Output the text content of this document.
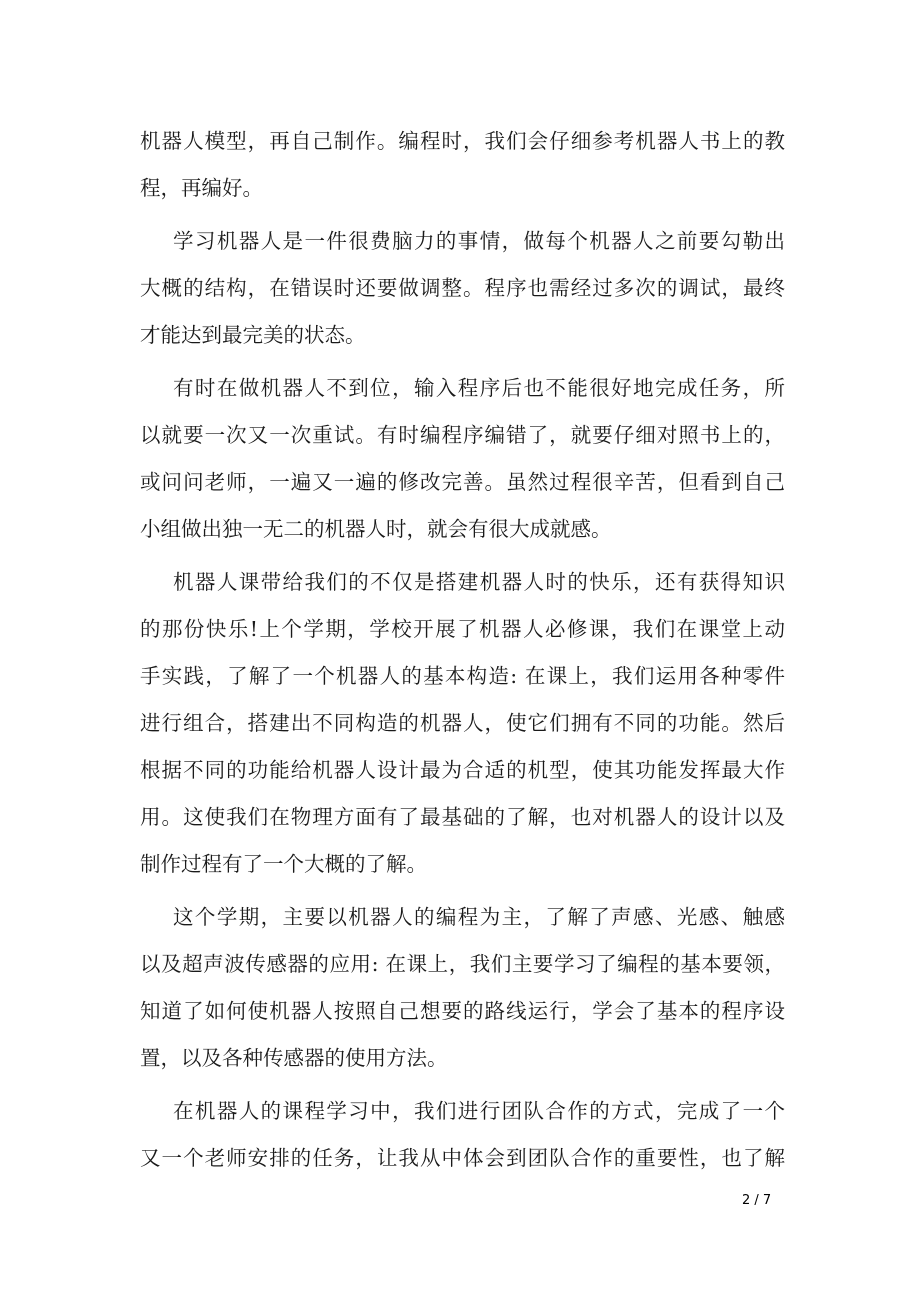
机器人模型，再自己制作。编程时，我们会仔细参考机器人书上的教
程，再编好。
学习机器人是一件很费脑力的事情，做每个机器人之前要勾勒出
大概的结构，在错误时还要做调整。程序也需经过多次的调试，最终
才能达到最完美的状态。
有时在做机器人不到位，输入程序后也不能很好地完成任务，所
以就要一次又一次重试。有时编程序编错了，就要仔细对照书上的，
或问问老师，一遍又一遍的修改完善。虽然过程很辛苦，但看到自己
小组做出独一无二的机器人时，就会有很大成就感。
机器人课带给我们的不仅是搭建机器人时的快乐，还有获得知识
的那份快乐!上个学期，学校开展了机器人必修课，我们在课堂上动
手实践，了解了一个机器人的基本构造: 在课上，我们运用各种零件
进行组合，搭建出不同构造的机器人，使它们拥有不同的功能。然后
根据不同的功能给机器人设计最为合适的机型，使其功能发挥最大作
用。这使我们在物理方面有了最基础的了解，也对机器人的设计以及
制作过程有了一个大概的了解。
这个学期，主要以机器人的编程为主，了解了声感、光感、触感
以及超声波传感器的应用: 在课上，我们主要学习了编程的基本要领，
知道了如何使机器人按照自己想要的路线运行，学会了基本的程序设
置，以及各种传感器的使用方法。
在机器人的课程学习中，我们进行团队合作的方式，完成了一个
又一个老师安排的任务，让我从中体会到团队合作的重要性，也了解
2 / 7
